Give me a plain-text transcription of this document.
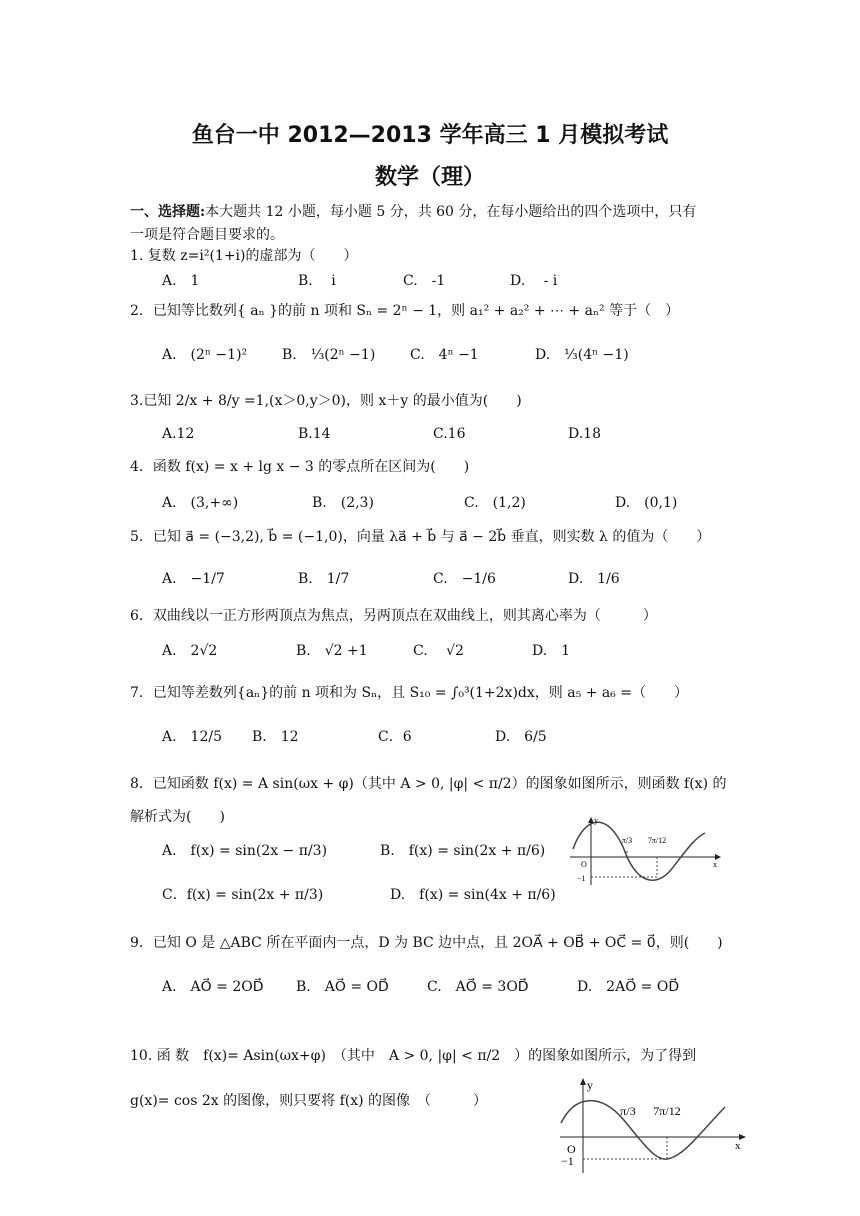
鱼台一中 2012—2013 学年高三 1 月模拟考试
数学（理）
一、选择题:本大题共 12 小题，每小题 5 分，共 60 分，在每小题给出的四个选项中，只有
一项是符合题目要求的。
1. 复数 z=i²(1+i)的虚部为（　　）
A.　1	B.　 i	C.　-1	D.　 - i
2．已知等比数列{ aₙ }的前 n 项和 Sₙ = 2ⁿ − 1，则 a₁² + a₂² + ⋯ + aₙ² 等于（　）
A.　(2ⁿ −1)² B.　⅓(2ⁿ −1) C.　4ⁿ −1	D.　⅓(4ⁿ −1)
3.已知 2/x + 8/y =1,(x＞0,y＞0)，则 x＋y 的最小值为(　　)
A.12	B.14	C.16	D.18
4．函数 f(x) = x + lg x − 3 的零点所在区间为(　　)
A.　(3,+∞)	B.　(2,3)	C.　(1,2)	D.　(0,1)
5．已知 a⃗ = (−3,2), b⃗ = (−1,0)，向量 λa⃗ + b⃗ 与 a⃗ − 2b⃗ 垂直，则实数 λ 的值为（　　）
A.　−1/7	B.　1/7	C.　−1/6	D.　1/6
6．双曲线以一正方形两顶点为焦点，另两顶点在双曲线上，则其离心率为（　　　）
A.　2√2	B.　√2 +1	C.　 √2	D.　1
7．已知等差数列{aₙ}的前 n 项和为 Sₙ，且 S₁₀ = ∫₀³(1+2x)dx，则 a₅ + a₆ =（　　）
A.　12/5 B.　12	C．6	D.　6/5
8．已知函数 f(x) = A sin(ωx + φ)（其中 A > 0, |φ| < π/2）的图象如图所示，则函数 f(x) 的
解析式为(　　)
A.　f(x) = sin(2x − π/3)	B.　f(x) = sin(2x + π/6)
C．f(x) = sin(2x + π/3)	D.　f(x) = sin(4x + π/6)
π/3 7π/12
O
−1
y
x
9．已知 O 是 △ABC 所在平面内一点，D 为 BC 边中点，且 2OA⃗ + OB⃗ + OC⃗ = 0⃗，则(　　)
A.　AO⃗ = 2OD⃗ B.　AO⃗ = OD⃗	C.　AO⃗ = 3OD⃗	D.　2AO⃗ = OD⃗
10. 函 数　f(x)= Asin(ωx+φ)　（其中　A > 0, |φ| < π/2　）的图象如图所示，为了得到
g(x)= cos 2x 的图像，则只要将 f(x) 的图像　（　　　）
π/3 7π/12
O
−1
y
x
